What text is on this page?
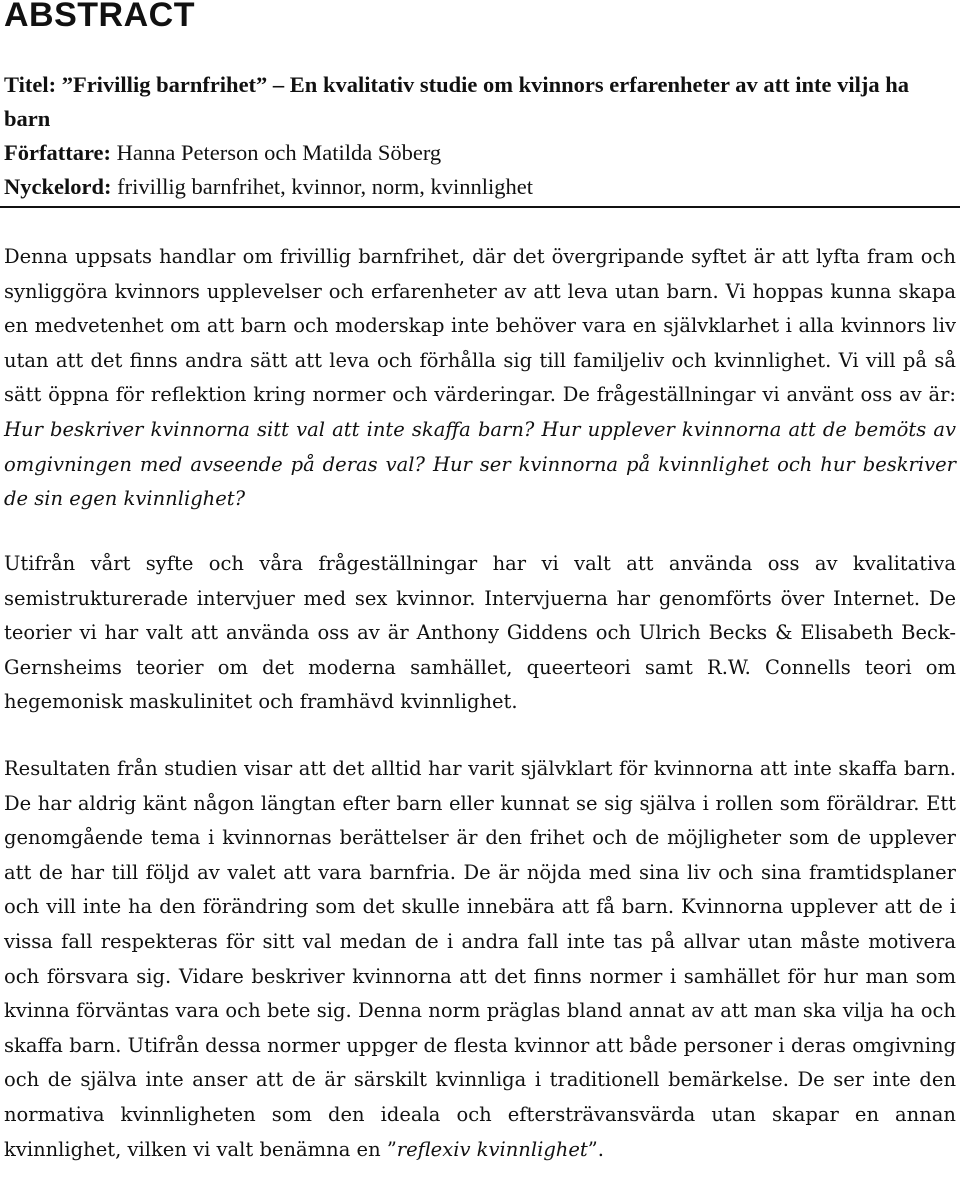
ABSTRACT

Titel: ”Frivillig barnfrihet” – En kvalitativ studie om kvinnors erfarenheter av att inte vilja ha barn

Författare: Hanna Peterson och Matilda Söberg

Nyckelord: frivillig barnfrihet, kvinnor, norm, kvinnlighet

Denna uppsats handlar om frivillig barnfrihet, där det övergripande syftet är att lyfta fram och synliggöra kvinnors upplevelser och erfarenheter av att leva utan barn. Vi hoppas kunna skapa en medvetenhet om att barn och moderskap inte behöver vara en självklarhet i alla kvinnors liv utan att det finns andra sätt att leva och förhålla sig till familjeliv och kvinnlighet. Vi vill på så sätt öppna för reflektion kring normer och värderingar. De frågeställningar vi använt oss av är: Hur beskriver kvinnorna sitt val att inte skaffa barn? Hur upplever kvinnorna att de bemöts av omgivningen med avseende på deras val? Hur ser kvinnorna på kvinnlighet och hur beskriver de sin egen kvinnlighet?

Utifrån vårt syfte och våra frågeställningar har vi valt att använda oss av kvalitativa semistrukturerade intervjuer med sex kvinnor. Intervjuerna har genomförts över Internet. De teorier vi har valt att använda oss av är Anthony Giddens och Ulrich Becks & Elisabeth Beck-Gernsheims teorier om det moderna samhället, queerteori samt R.W. Connells teori om hegemonisk maskulinitet och framhävd kvinnlighet.

Resultaten från studien visar att det alltid har varit självklart för kvinnorna att inte skaffa barn. De har aldrig känt någon längtan efter barn eller kunnat se sig själva i rollen som föräldrar. Ett genomgående tema i kvinnornas berättelser är den frihet och de möjligheter som de upplever att de har till följd av valet att vara barnfria. De är nöjda med sina liv och sina framtidsplaner och vill inte ha den förändring som det skulle innebära att få barn. Kvinnorna upplever att de i vissa fall respekteras för sitt val medan de i andra fall inte tas på allvar utan måste motivera och försvara sig. Vidare beskriver kvinnorna att det finns normer i samhället för hur man som kvinna förväntas vara och bete sig. Denna norm präglas bland annat av att man ska vilja ha och skaffa barn. Utifrån dessa normer uppger de flesta kvinnor att både personer i deras omgivning och de själva inte anser att de är särskilt kvinnliga i traditionell bemärkelse. De ser inte den normativa kvinnligheten som den ideala och eftersträvansvärda utan skapar en annan kvinnlighet, vilken vi valt benämna en ”reflexiv kvinnlighet”.
